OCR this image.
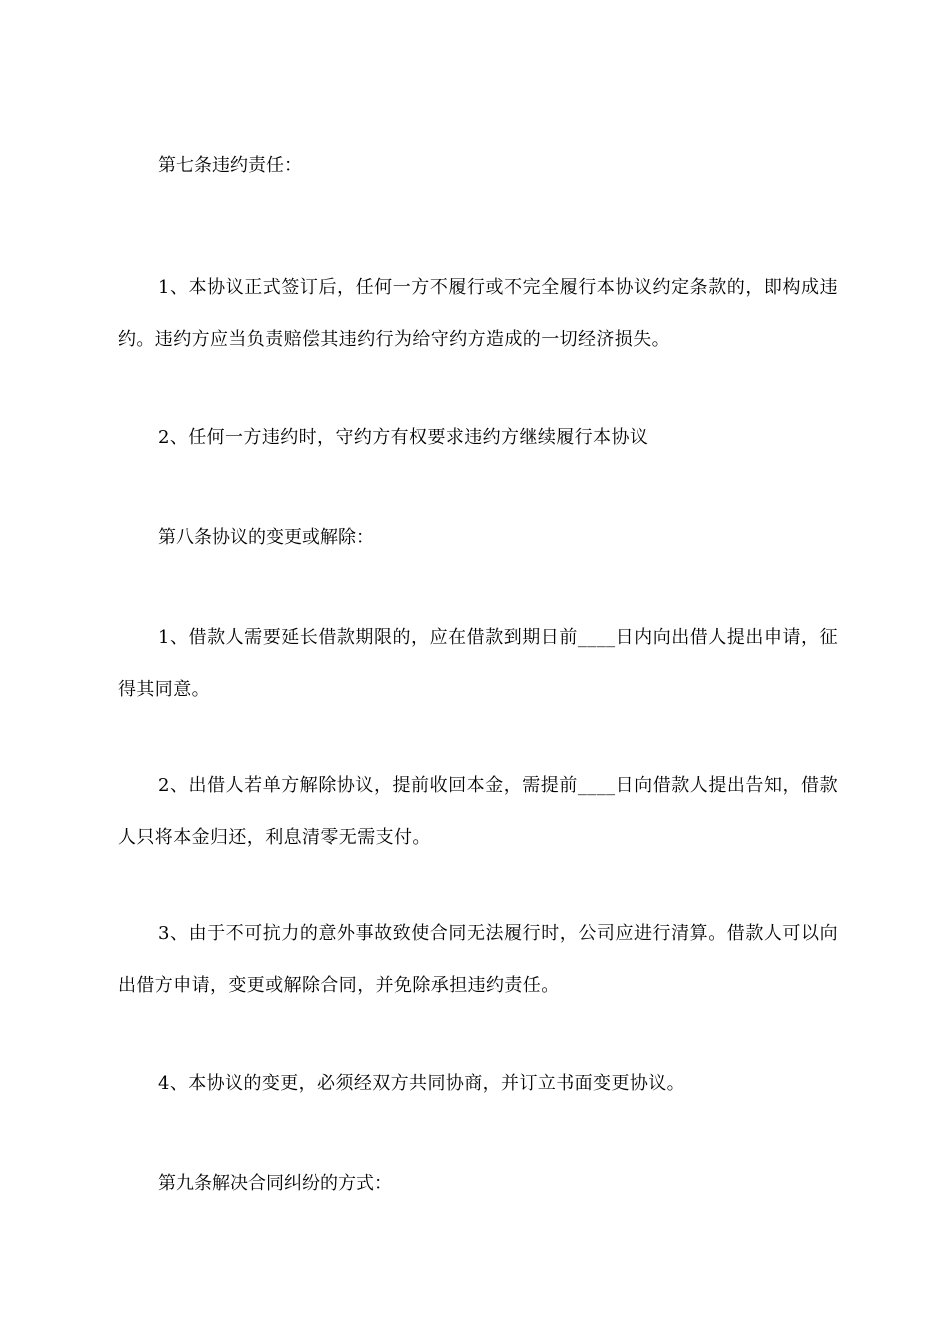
第七条违约责任：

1、本协议正式签订后，任何一方不履行或不完全履行本协议约定条款的，即构成违约。违约方应当负责赔偿其违约行为给守约方造成的一切经济损失。

2、任何一方违约时，守约方有权要求违约方继续履行本协议

第八条协议的变更或解除：

1、借款人需要延长借款期限的，应在借款到期日前____日内向出借人提出申请，征得其同意。

2、出借人若单方解除协议，提前收回本金，需提前____日向借款人提出告知，借款人只将本金归还，利息清零无需支付。

3、由于不可抗力的意外事故致使合同无法履行时，公司应进行清算。借款人可以向出借方申请，变更或解除合同，并免除承担违约责任。

4、本协议的变更，必须经双方共同协商，并订立书面变更协议。

第九条解决合同纠纷的方式：
